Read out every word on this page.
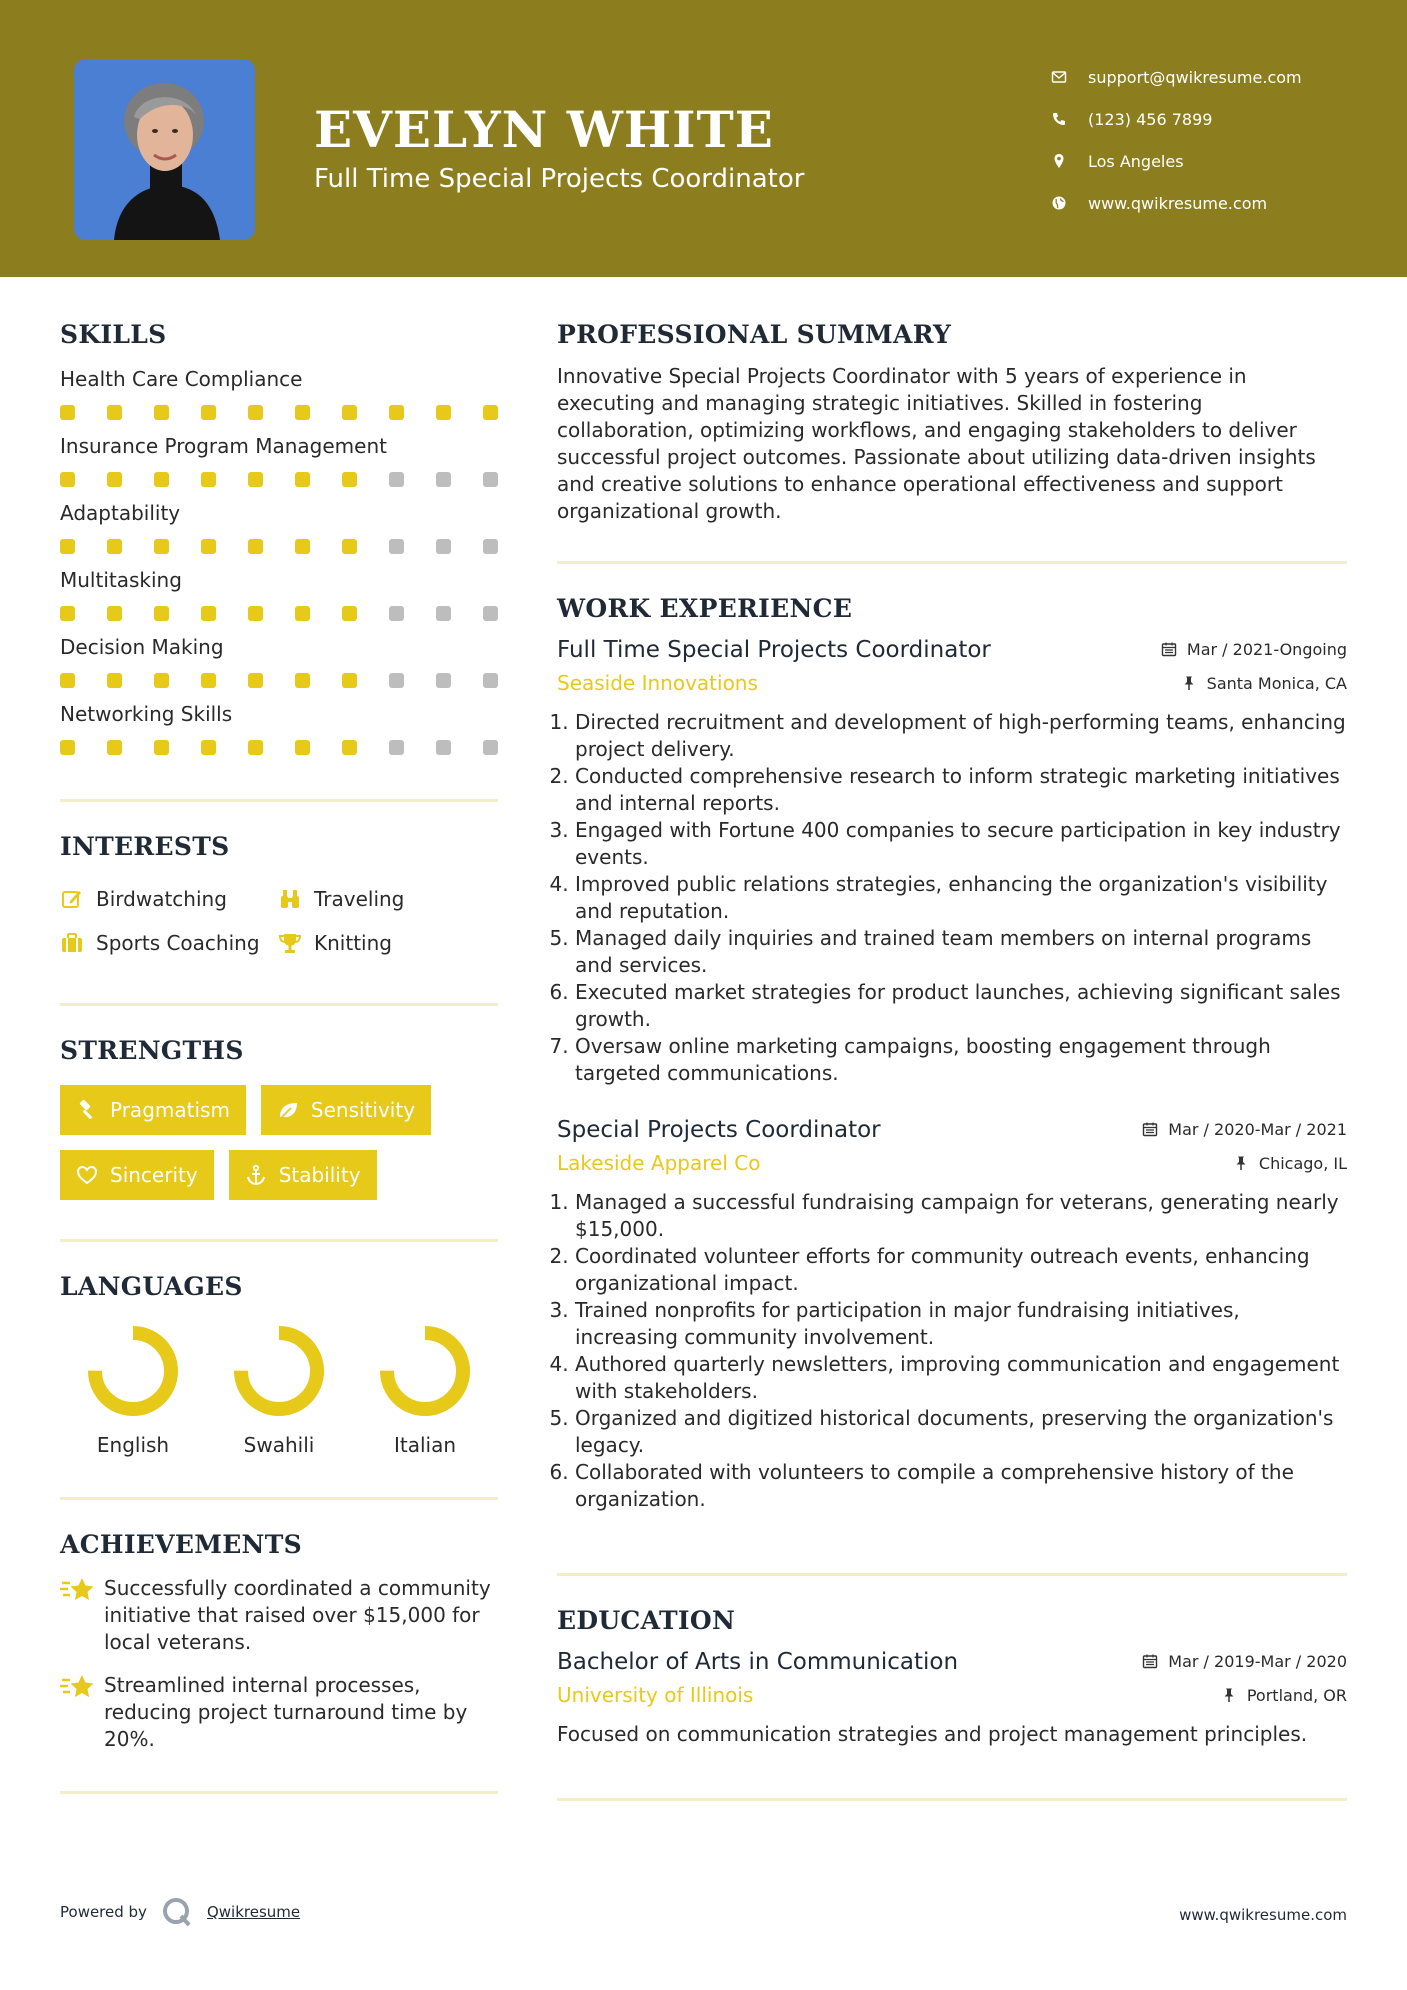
EVELYN WHITE
Full Time Special Projects Coordinator
support@qwikresume.com
(123) 456 7899
Los Angeles
www.qwikresume.com
SKILLS
Health Care Compliance
Insurance Program Management
Adaptability
Multitasking
Decision Making
Networking Skills
INTERESTS
Birdwatching	Traveling
Sports Coaching	Knitting
STRENGTHS
Pragmatism	Sensitivity
Sincerity	Stability
LANGUAGES
English	Swahili	Italian
ACHIEVEMENTS
Successfully coordinated a community initiative that raised over $15,000 for local veterans.
Streamlined internal processes, reducing project turnaround time by 20%.
PROFESSIONAL SUMMARY
Innovative Special Projects Coordinator with 5 years of experience in executing and managing strategic initiatives. Skilled in fostering collaboration, optimizing workflows, and engaging stakeholders to deliver successful project outcomes. Passionate about utilizing data-driven insights and creative solutions to enhance operational effectiveness and support organizational growth.
WORK EXPERIENCE
Full Time Special Projects Coordinator	Mar / 2021-Ongoing
Seaside Innovations	Santa Monica, CA
1. Directed recruitment and development of high-performing teams, enhancing project delivery.
2. Conducted comprehensive research to inform strategic marketing initiatives and internal reports.
3. Engaged with Fortune 400 companies to secure participation in key industry events.
4. Improved public relations strategies, enhancing the organization's visibility and reputation.
5. Managed daily inquiries and trained team members on internal programs and services.
6. Executed market strategies for product launches, achieving significant sales growth.
7. Oversaw online marketing campaigns, boosting engagement through targeted communications.
Special Projects Coordinator	Mar / 2020-Mar / 2021
Lakeside Apparel Co	Chicago, IL
1. Managed a successful fundraising campaign for veterans, generating nearly $15,000.
2. Coordinated volunteer efforts for community outreach events, enhancing organizational impact.
3. Trained nonprofits for participation in major fundraising initiatives, increasing community involvement.
4. Authored quarterly newsletters, improving communication and engagement with stakeholders.
5. Organized and digitized historical documents, preserving the organization's legacy.
6. Collaborated with volunteers to compile a comprehensive history of the organization.
EDUCATION
Bachelor of Arts in Communication	Mar / 2019-Mar / 2020
University of Illinois	Portland, OR
Focused on communication strategies and project management principles.
Powered by	Qwikresume	www.qwikresume.com
